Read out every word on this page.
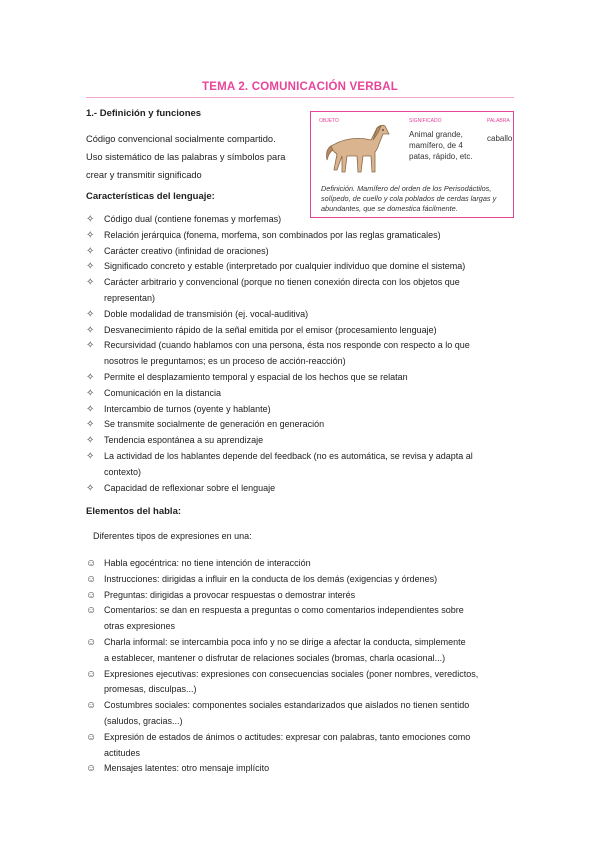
TEMA 2. COMUNICACIÓN VERBAL
1.- Definición y funciones
Código convencional socialmente compartido.
Uso sistemático de las palabras y símbolos para
crear y transmitir significado
OBJETO	SIGNIFICADO	PALABRA
Animal grande, mamífero, de 4 patas, rápido, etc.
caballo
Definición. Mamífero del orden de los Perisodáctilos, solípedo, de cuello y cola poblados de cerdas largas y abundantes, que se domestica fácilmente.
Características del lenguaje:
✧ Código dual (contiene fonemas y morfemas)
✧ Relación jerárquica (fonema, morfema, son combinados por las reglas gramaticales)
✧ Carácter creativo (infinidad de oraciones)
✧ Significado concreto y estable (interpretado por cualquier individuo que domine el sistema)
✧ Carácter arbitrario y convencional (porque no tienen conexión directa con los objetos que
representan)
✧ Doble modalidad de transmisión (ej. vocal-auditiva)
✧ Desvanecimiento rápido de la señal emitida por el emisor (procesamiento lenguaje)
✧ Recursividad (cuando hablamos con una persona, ésta nos responde con respecto a lo que
nosotros le preguntamos; es un proceso de acción-reacción)
✧ Permite el desplazamiento temporal y espacial de los hechos que se relatan
✧ Comunicación en la distancia
✧ Intercambio de turnos (oyente y hablante)
✧ Se transmite socialmente de generación en generación
✧ Tendencia espontánea a su aprendizaje
✧ La actividad de los hablantes depende del feedback (no es automática, se revisa y adapta al
contexto)
✧ Capacidad de reflexionar sobre el lenguaje
Elementos del habla:
Diferentes tipos de expresiones en una:
☺ Habla egocéntrica: no tiene intención de interacción
☺ Instrucciones: dirigidas a influir en la conducta de los demás (exigencias y órdenes)
☺ Preguntas: dirigidas a provocar respuestas o demostrar interés
☺ Comentarios: se dan en respuesta a preguntas o como comentarios independientes sobre
otras expresiones
☺ Charla informal: se intercambia poca info y no se dirige a afectar la conducta, simplemente
a establecer, mantener o disfrutar de relaciones sociales (bromas, charla ocasional...)
☺ Expresiones ejecutivas: expresiones con consecuencias sociales (poner nombres, veredictos,
promesas, disculpas...)
☺ Costumbres sociales: componentes sociales estandarizados que aislados no tienen sentido
(saludos, gracias...)
☺ Expresión de estados de ánimos o actitudes: expresar con palabras, tanto emociones como
actitudes
☺ Mensajes latentes: otro mensaje implícito
